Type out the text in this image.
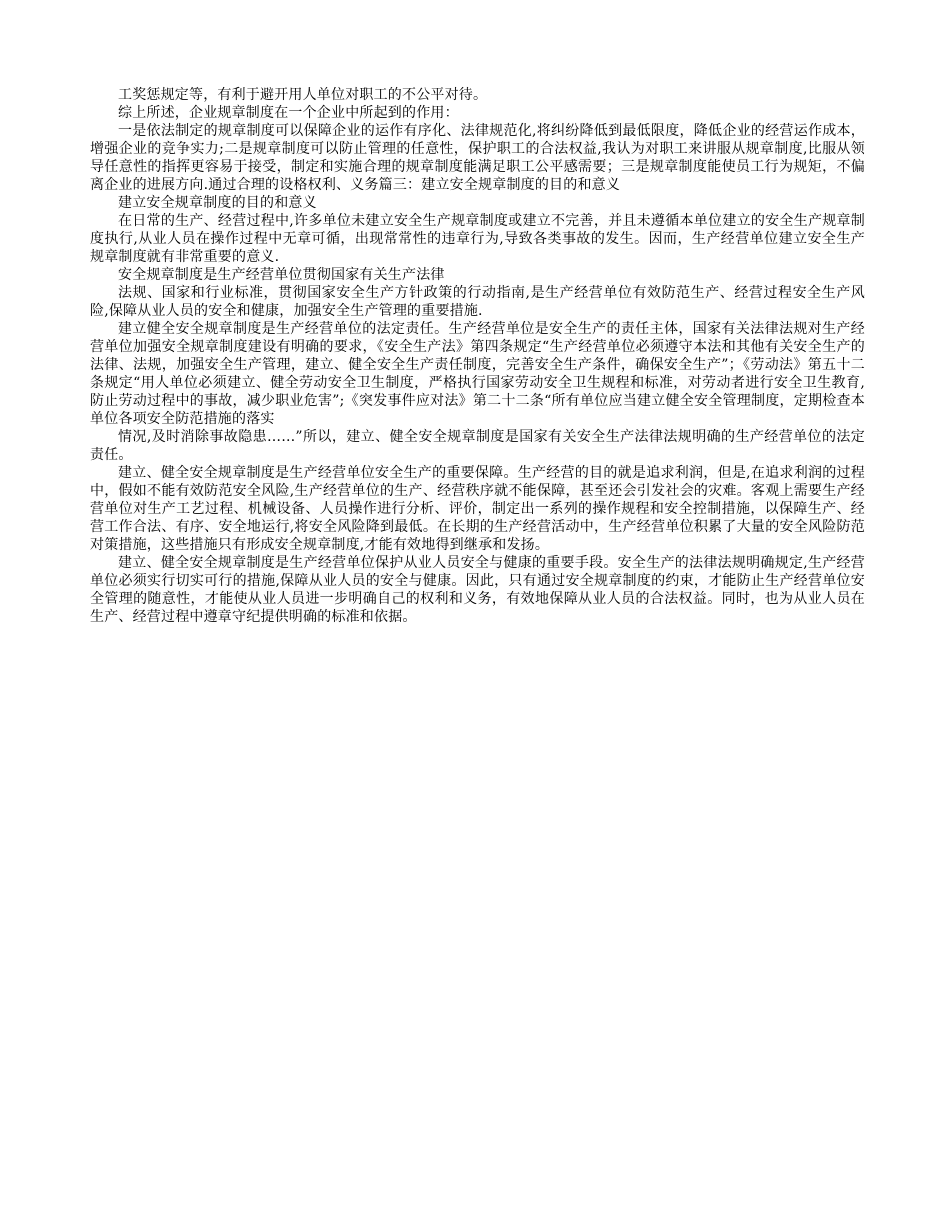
工奖惩规定等，有利于避开用人单位对职工的不公平对待。

综上所述，企业规章制度在一个企业中所起到的作用：

一是依法制定的规章制度可以保障企业的运作有序化、法律规范化,将纠纷降低到最低限度，降低企业的经营运作成本，增强企业的竞争实力;二是规章制度可以防止管理的任意性，保护职工的合法权益,我认为对职工来讲服从规章制度,比服从领导任意性的指挥更容易于接受，制定和实施合理的规章制度能满足职工公平感需要；三是规章制度能使员工行为规矩，不偏离企业的进展方向.通过合理的设格权利、义务篇三：建立安全规章制度的目的和意义

建立安全规章制度的目的和意义

在日常的生产、经营过程中,许多单位未建立安全生产规章制度或建立不完善，并且未遵循本单位建立的安全生产规章制度执行,从业人员在操作过程中无章可循，出现常常性的违章行为,导致各类事故的发生。因而，生产经营单位建立安全生产规章制度就有非常重要的意义.

安全规章制度是生产经营单位贯彻国家有关生产法律

法规、国家和行业标准，贯彻国家安全生产方针政策的行动指南,是生产经营单位有效防范生产、经营过程安全生产风险,保障从业人员的安全和健康，加强安全生产管理的重要措施.

建立健全安全规章制度是生产经营单位的法定责任。生产经营单位是安全生产的责任主体，国家有关法律法规对生产经营单位加强安全规章制度建设有明确的要求，《安全生产法》第四条规定“生产经营单位必须遵守本法和其他有关安全生产的法律、法规，加强安全生产管理，建立、健全安全生产责任制度，完善安全生产条件，确保安全生产”；《劳动法》第五十二条规定“用人单位必须建立、健全劳动安全卫生制度，严格执行国家劳动安全卫生规程和标准，对劳动者进行安全卫生教育,防止劳动过程中的事故，减少职业危害”;《突发事件应对法》第二十二条“所有单位应当建立健全安全管理制度，定期检查本单位各项安全防范措施的落实

情况,及时消除事故隐患……”所以，建立、健全安全规章制度是国家有关安全生产法律法规明确的生产经营单位的法定责任。

建立、健全安全规章制度是生产经营单位安全生产的重要保障。生产经营的目的就是追求利润，但是,在追求利润的过程中，假如不能有效防范安全风险,生产经营单位的生产、经营秩序就不能保障，甚至还会引发社会的灾难。客观上需要生产经营单位对生产工艺过程、机械设备、人员操作进行分析、评价，制定出一系列的操作规程和安全控制措施，以保障生产、经营工作合法、有序、安全地运行,将安全风险降到最低。在长期的生产经营活动中，生产经营单位积累了大量的安全风险防范对策措施，这些措施只有形成安全规章制度,才能有效地得到继承和发扬。

建立、健全安全规章制度是生产经营单位保护从业人员安全与健康的重要手段。安全生产的法律法规明确规定,生产经营单位必须实行切实可行的措施,保障从业人员的安全与健康。因此，只有通过安全规章制度的约束，才能防止生产经营单位安全管理的随意性，才能使从业人员进一步明确自己的权利和义务，有效地保障从业人员的合法权益。同时，也为从业人员在生产、经营过程中遵章守纪提供明确的标准和依据。
